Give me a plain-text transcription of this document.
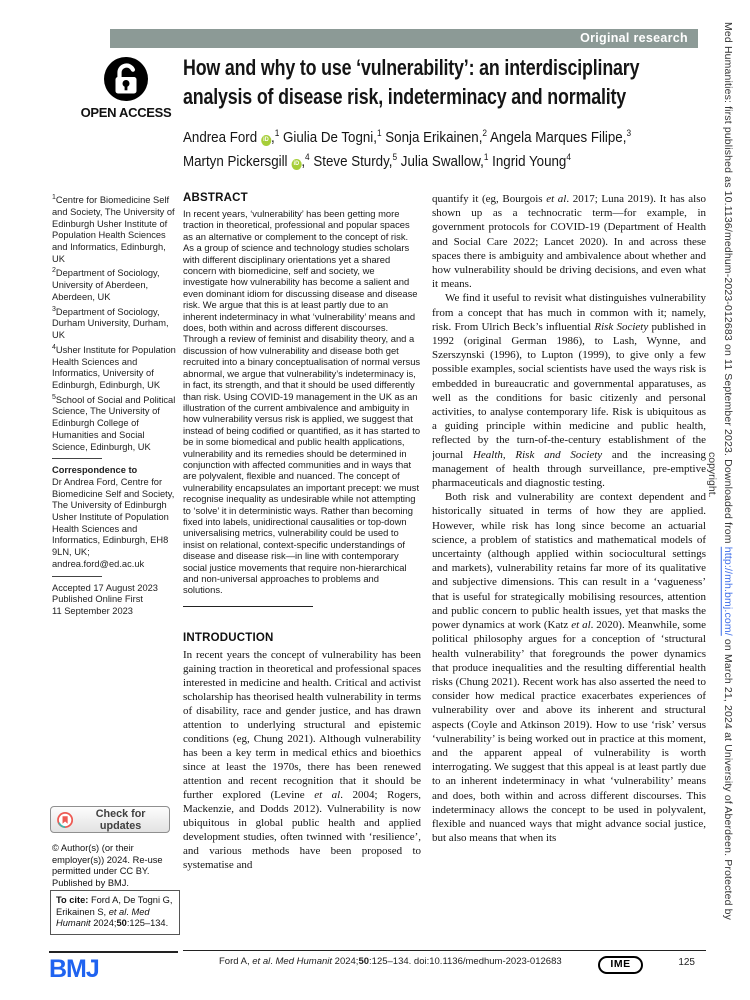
Original research
OPEN ACCESS
How and why to use ‘vulnerability’: an interdisciplinary analysis of disease risk, indeterminacy and normality
Andrea Ford iD ,$^1$ Giulia De Togni,$^1$ Sonja Erikainen,$^2$ Angela Marques Filipe,$^3$
Martyn Pickersgill iD ,$^4$ Steve Sturdy,$^5$ Julia Swallow,$^1$ Ingrid Young$^4$
$^1$Centre for Biomedicine Self and Society, The University of Edinburgh Usher Institute of Population Health Sciences and Informatics, Edinburgh, UK
$^2$Department of Sociology, University of Aberdeen, Aberdeen, UK
$^3$Department of Sociology, Durham University, Durham, UK
$^4$Usher Institute for Population Health Sciences and Informatics, University of Edinburgh, Edinburgh, UK
$^5$School of Social and Political Science, The University of Edinburgh College of Humanities and Social Science, Edinburgh, UK
Correspondence to
Dr Andrea Ford, Centre for Biomedicine Self and Society, The University of Edinburgh Usher Institute of Population Health Sciences and Informatics, Edinburgh, EH8 9LN, UK; andrea.ford@ed.ac.uk
Accepted 17 August 2023
Published Online First
11 September 2023
Check for updates
© Author(s) (or their employer(s)) 2024. Re-use permitted under CC BY. Published by BMJ.
To cite: Ford A, De Togni G, Erikainen S, et al. Med Humanit 2024;50:125–134.
BMJ
ABSTRACT
In recent years, ‘vulnerability’ has been getting more traction in theoretical, professional and popular spaces as an alternative or complement to the concept of risk. As a group of science and technology studies scholars with different disciplinary orientations yet a shared concern with biomedicine, self and society, we investigate how vulnerability has become a salient and even dominant idiom for discussing disease and disease risk. We argue that this is at least partly due to an inherent indeterminacy in what ‘vulnerability’ means and does, both within and across different discourses. Through a review of feminist and disability theory, and a discussion of how vulnerability and disease both get recruited into a binary conceptualisation of normal versus abnormal, we argue that vulnerability’s indeterminacy is, in fact, its strength, and that it should be used differently than risk. Using COVID-19 management in the UK as an illustration of the current ambivalence and ambiguity in how vulnerability versus risk is applied, we suggest that instead of being codified or quantified, as it has started to be in some biomedical and public health applications, vulnerability and its remedies should be determined in conjunction with affected communities and in ways that are polyvalent, flexible and nuanced. The concept of vulnerability encapsulates an important precept: we must recognise inequality as undesirable while not attempting to ‘solve’ it in deterministic ways. Rather than becoming fixed into labels, unidirectional causalities or top-down universalising metrics, vulnerability could be used to insist on relational, context-specific understandings of disease and disease risk—in line with contemporary social justice movements that require non-hierarchical and non-universal approaches to problems and solutions.
INTRODUCTION

In recent years the concept of vulnerability has been gaining traction in theoretical and professional spaces interested in medicine and health. Critical and activist scholarship has theorised health vulnerability in terms of disability, race and gender justice, and has drawn attention to underlying structural and epistemic conditions (eg, Chung 2021). Although vulnerability has been a key term in medical ethics and bioethics since at least the 1970s, there has been renewed attention and recent recognition that it should be further explored (Levine et al. 2004; Rogers, Mackenzie, and Dodds 2012). Vulnerability is now ubiquitous in global public health and applied development studies, often twinned with ‘resilience’, and various methods have been proposed to systematise and

quantify it (eg, Bourgois et al. 2017; Luna 2019). It has also shown up as a technocratic term—for example, in government protocols for COVID-19 (Department of Health and Social Care 2022; Lancet 2020). In and across these spaces there is ambiguity and ambivalence about whether and how vulnerability should be driving decisions, and even what it means.

We find it useful to revisit what distinguishes vulnerability from a concept that has much in common with it; namely, risk. From Ulrich Beck’s influential Risk Society published in 1992 (original German 1986), to Lash, Wynne, and Szerszynski (1996), to Lupton (1999), to give only a few possible examples, social scientists have used the ways risk is embedded in bureaucratic and governmental apparatuses, as well as the conditions for basic citizenly and personal activities, to analyse contemporary life. Risk is ubiquitous as a guiding principle within medicine and public health, reflected by the turn-of-the-century establishment of the journal Health, Risk and Society and the increasing management of health through surveillance, pre-emptive pharmaceuticals and diagnostic testing.

Both risk and vulnerability are context dependent and historically situated in terms of how they are applied. However, while risk has long since become an actuarial science, a problem of statistics and mathematical models of uncertainty (although applied within sociocultural settings and markets), vulnerability retains far more of its qualitative and subjective dimensions. This can result in a ‘vagueness’ that is useful for strategically mobilising resources, attention and public concern to public health issues, yet that masks the power dynamics at work (Katz et al. 2020). Meanwhile, some political philosophy argues for a conception of ‘structural health vulnerability’ that foregrounds the power dynamics that produce inequalities and the resulting differential health risks (Chung 2021). Recent work has also asserted the need to consider how medical practice exacerbates experiences of vulnerability over and above its inherent and structural aspects (Coyle and Atkinson 2019). How to use ‘risk’ versus ‘vulnerability’ is being worked out in practice at this moment, and the apparent appeal of vulnerability is worth interrogating. We suggest that this appeal is at least partly due to an inherent indeterminacy in what ‘vulnerability’ means and does, both within and across different discourses. This indeterminacy allows the concept to be used in polyvalent, flexible and nuanced ways that might advance social justice, but also means that when its

Ford A, et al. Med Humanit 2024;50:125–134. doi:10.1136/medhum-2023-012683	IME	125
Med Humanities: first published as 10.1136/medhum-2023-012683 on 11 September 2023. Downloaded from http://mh.bmj.com/ on March 21, 2024 at University of Aberdeen. Protected by
copyright.
